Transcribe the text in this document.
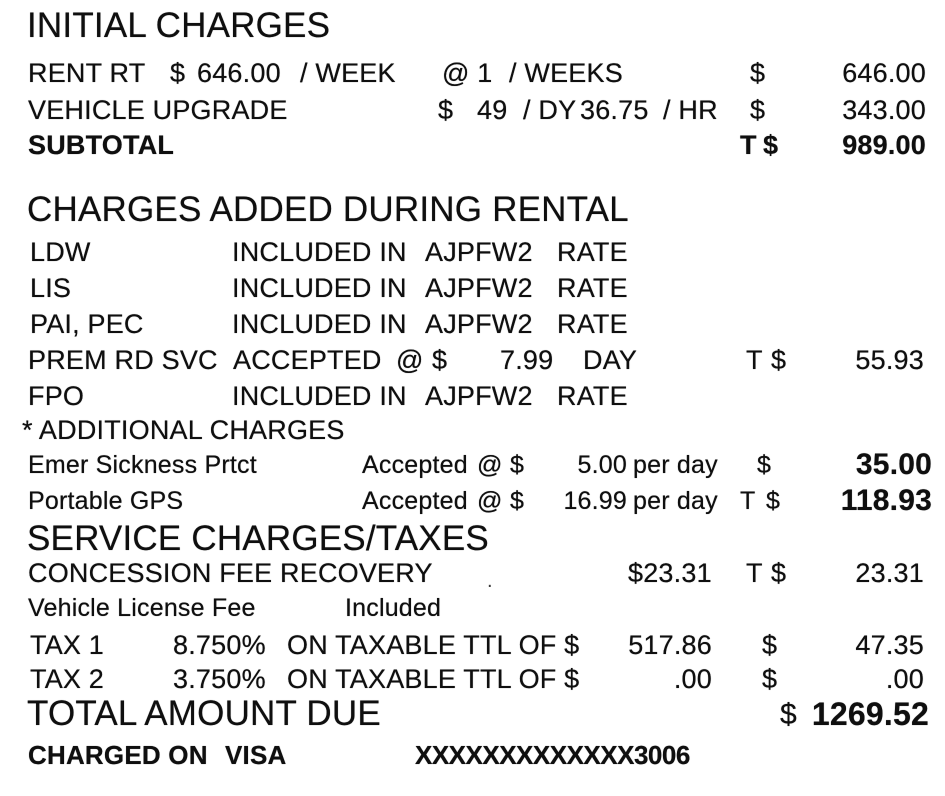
INITIAL CHARGES
RENT RT $ 646.00 / WEEK @ 1 / WEEKS	$	646.00
VEHICLE UPGRADE	$ 49 / DY 36.75 / HR $	343.00
SUBTOTAL	T $ 989.00
CHARGES ADDED DURING RENTAL
LDW	INCLUDED IN AJPFW2 RATE
LIS	INCLUDED IN AJPFW2 RATE
PAI, PEC	INCLUDED IN AJPFW2 RATE
PREM RD SVC ACCEPTED @ $ 7.99 DAY	T $	55.93
FPO	INCLUDED IN AJPFW2 RATE
* ADDITIONAL CHARGES
Emer Sickness Prtct	Accepted @ $ 5.00 per day $	35.00
Portable GPS	Accepted @ $ 16.99 per day T $ 118.93
SERVICE CHARGES/TAXES
CONCESSION FEE RECOVERY	.	$23.31 T $	23.31
Vehicle License Fee	Included
TAX 1	8.750% ON TAXABLE TTL OF $ 517.86 $	47.35
TAX 2	3.750% ON TAXABLE TTL OF $	.00 $	.00
TOTAL AMOUNT DUE	$ 1269.52
CHARGED ON VISA	XXXXXXXXXXXXX3006
